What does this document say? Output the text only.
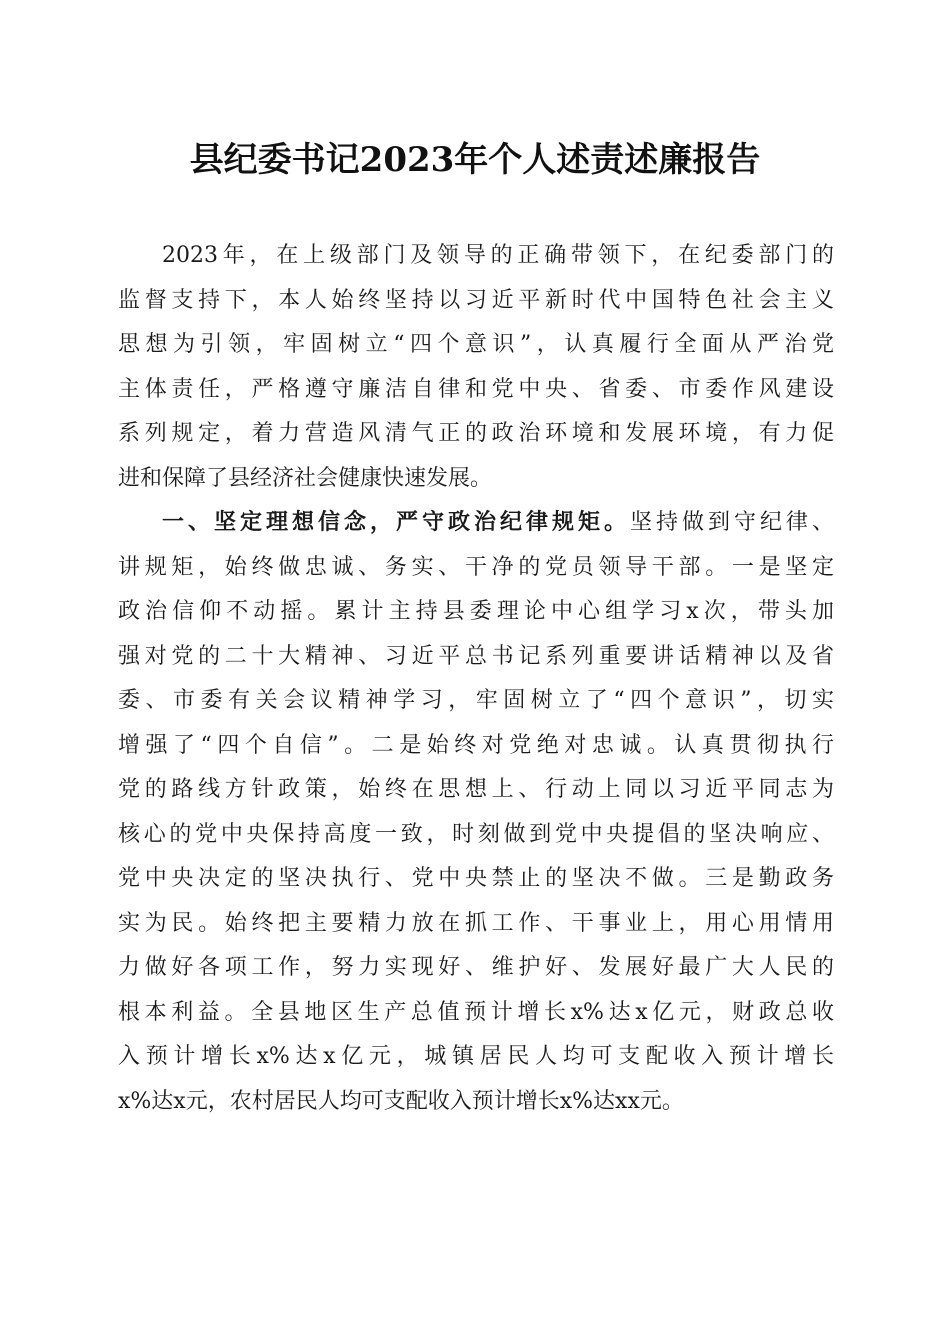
县纪委书记2023年个人述责述廉报告
2023年，在上级部门及领导的正确带领下，在纪委部门的
监督支持下，本人始终坚持以习近平新时代中国特色社会主义
思想为引领，牢固树立“四个意识”，认真履行全面从严治党
主体责任，严格遵守廉洁自律和党中央、省委、市委作风建设
系列规定，着力营造风清气正的政治环境和发展环境，有力促
进和保障了县经济社会健康快速发展。
一、坚定理想信念，严守政治纪律规矩。坚持做到守纪律、
讲规矩，始终做忠诚、务实、干净的党员领导干部。一是坚定
政治信仰不动摇。累计主持县委理论中心组学习x次，带头加
强对党的二十大精神、习近平总书记系列重要讲话精神以及省
委、市委有关会议精神学习，牢固树立了“四个意识”，切实
增强了“四个自信”。二是始终对党绝对忠诚。认真贯彻执行
党的路线方针政策，始终在思想上、行动上同以习近平同志为
核心的党中央保持高度一致，时刻做到党中央提倡的坚决响应、
党中央决定的坚决执行、党中央禁止的坚决不做。三是勤政务
实为民。始终把主要精力放在抓工作、干事业上，用心用情用
力做好各项工作，努力实现好、维护好、发展好最广大人民的
根本利益。全县地区生产总值预计增长x%达x亿元，财政总收
入预计增长x%达x亿元，城镇居民人均可支配收入预计增长
x%达x元，农村居民人均可支配收入预计增长x%达xx元。
